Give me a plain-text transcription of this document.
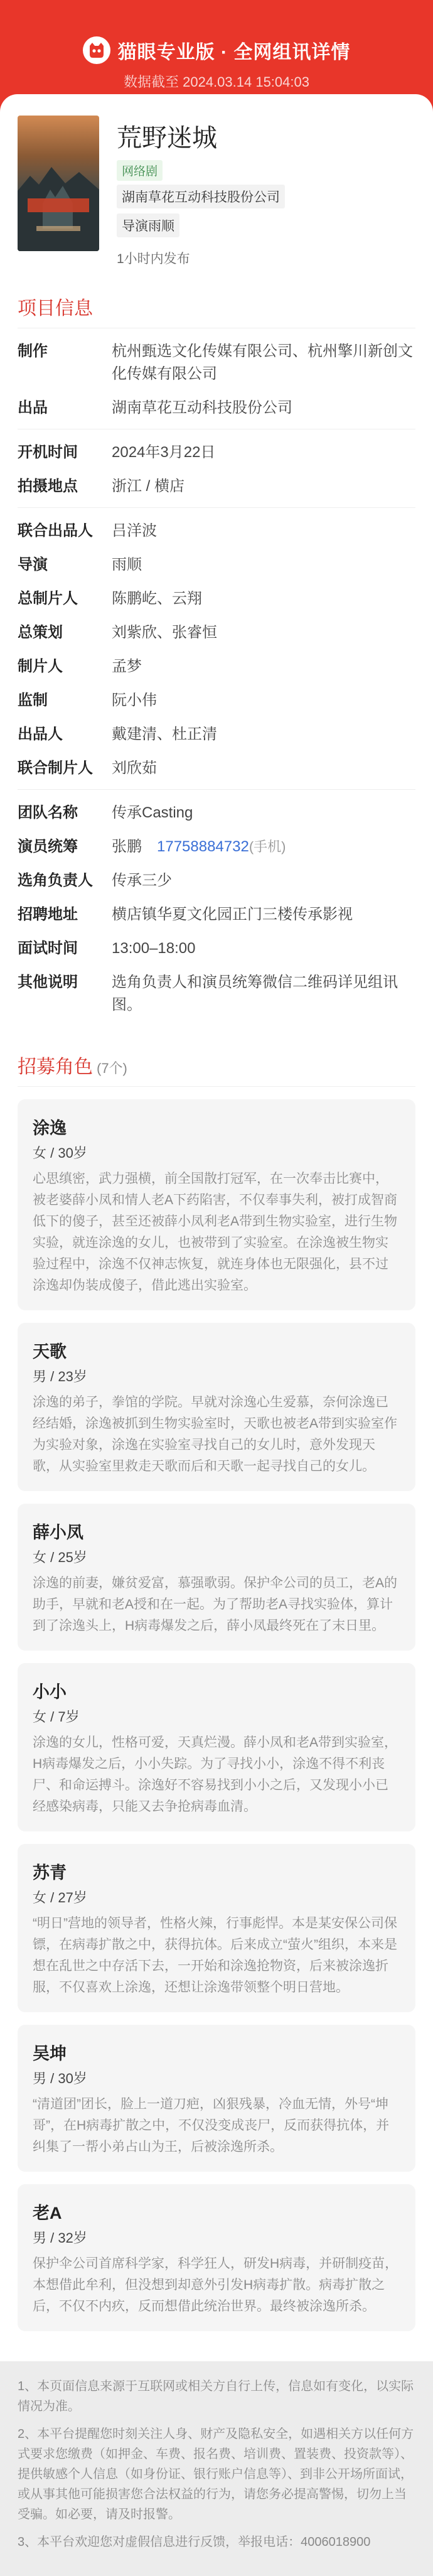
猫眼专业版 · 全网组讯详情
数据截至 2024.03.14 15:04:03
荒野迷城
网络剧
湖南草花互动科技股份公司
导演雨顺
1小时内发布
项目信息
制作	杭州甄选文化传媒有限公司、杭州擎川新创文化传媒有限公司
出品	湖南草花互动科技股份公司
开机时间	2024年3月22日
拍摄地点	浙江 / 横店
联合出品人	吕洋波
导演	雨顺
总制片人	陈鹏屹、云翔
总策划	刘紫欣、张睿恒
制片人	孟梦
监制	阮小伟
出品人	戴建清、杜正清
联合制片人	刘欣茹
团队名称	传承Casting
演员统筹	张鹏 17758884732(手机)
选角负责人	传承三少
招聘地址	横店镇华夏文化园正门三楼传承影视
面试时间	13:00–18:00
其他说明	选角负责人和演员统筹微信二维码详见组讯图。
招募角色 (7个)
涂逸
女 / 30岁
心思缜密，武力强横，前全国散打冠军，在一次奉击比赛中，被老婆薛小凤和情人老A下药陷害，不仅奉事失利，被打成智商低下的傻子，甚至还被薛小凤利老A带到生物实验室，进行生物实验，就连涂逸的女儿，也被带到了实验室。在涂逸被生物实验过程中，涂逸不仅神志恢复，就连身体也无限强化，县不过涂逸却伪装成傻子，借此逃出实验室。
天歌
男 / 23岁
涂逸的弟子，拳馆的学院。早就对涂逸心生爱慕，奈何涂逸已经结婚，涂逸被抓到生物实验室时，天歌也被老A带到实验室作为实验对象，涂逸在实验室寻找自己的女儿时，意外发现天歌，从实验室里救走天歌而后和天歌一起寻找自己的女儿。
薛小凤
女 / 25岁
涂逸的前妻，嫌贫爱富，慕强歌弱。保护伞公司的员工，老A的助手，早就和老A授和在一起。为了帮助老A寻找实验体，算计到了涂逸头上，H病毒爆发之后，薛小凤最终死在了末日里。
小小
女 / 7岁
涂逸的女儿，性格可爱，天真烂漫。薛小凤和老A带到实验室，H病毒爆发之后，小小失踪。为了寻找小小，涂逸不得不利丧尸、和命运搏斗。涂逸好不容易找到小小之后，又发现小小已经感染病毒，只能又去争抢病毒血清。
苏青
女 / 27岁
“明日”营地的领导者，性格火辣，行事彪悍。本是某安保公司保镖，在病毒扩散之中，获得抗体。后来成立“萤火”组织，本来是想在乱世之中存活下去，一开始和涂逸抢物资，后来被涂逸折服，不仅喜欢上涂逸，还想让涂逸带领整个明日营地。
吴坤
男 / 30岁
“清道团”团长，脸上一道刀疤，凶狠残暴，冷血无情，外号“坤哥”，在H病毒扩散之中，不仅没变成丧尸，反而获得抗体，并纠集了一帮小弟占山为王，后被涂逸所杀。
老A
男 / 32岁
保护伞公司首席科学家，科学狂人，研发H病毒，并研制疫苗，本想借此牟利，但没想到却意外引发H病毒扩散。病毒扩散之后，不仅不内疚，反而想借此统治世界。最终被涂逸所杀。

1、本页面信息来源于互联网或相关方自行上传，信息如有变化，以实际情况为准。

2、本平台提醒您时刻关注人身、财产及隐私安全，如遇相关方以任何方式要求您缴费（如押金、车费、报名费、培训费、置装费、投资款等）、提供敏感个人信息（如身份证、银行账户信息等）、到非公开场所面试，或从事其他可能损害您合法权益的行为，请您务必提高警惕，切勿上当受骗。如必要，请及时报警。

3、本平台欢迎您对虚假信息进行反馈，举报电话：4006018900
